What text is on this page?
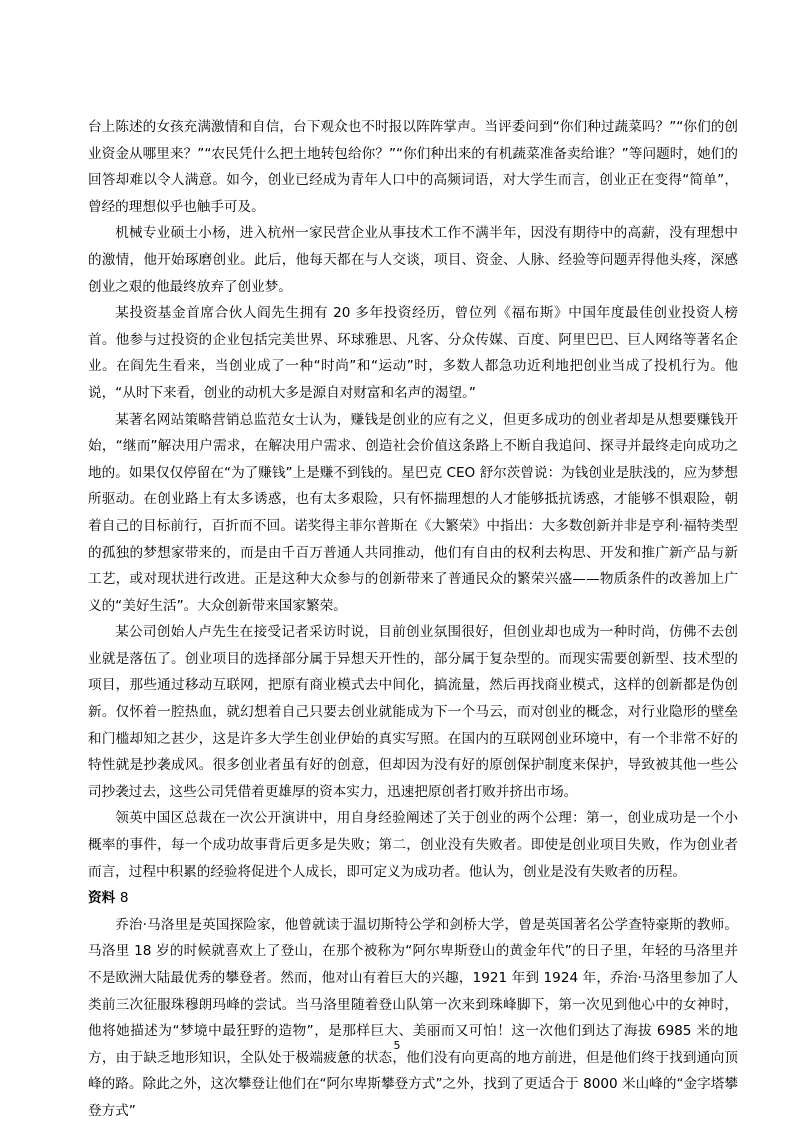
台上陈述的女孩充满激情和自信，台下观众也不时报以阵阵掌声。当评委问到“你们种过蔬菜吗？”“你们的创业资金从哪里来？”“农民凭什么把土地转包给你？”“你们种出来的有机蔬菜准备卖给谁？”等问题时，她们的回答却难以令人满意。如今，创业已经成为青年人口中的高频词语，对大学生而言，创业正在变得“简单”，曾经的理想似乎也触手可及。

机械专业硕士小杨，进入杭州一家民营企业从事技术工作不满半年，因没有期待中的高薪，没有理想中的激情，他开始琢磨创业。此后，他每天都在与人交谈，项目、资金、人脉、经验等问题弄得他头疼，深感创业之艰的他最终放弃了创业梦。

某投资基金首席合伙人阎先生拥有 20 多年投资经历，曾位列《福布斯》中国年度最佳创业投资人榜首。他参与过投资的企业包括完美世界、环球雅思、凡客、分众传媒、百度、阿里巴巴、巨人网络等著名企业。在阎先生看来，当创业成了一种“时尚”和“运动”时，多数人都急功近利地把创业当成了投机行为。他说，“从时下来看，创业的动机大多是源自对财富和名声的渴望。”

某著名网站策略营销总监范女士认为，赚钱是创业的应有之义，但更多成功的创业者却是从想要赚钱开始，“继而”解决用户需求，在解决用户需求、创造社会价值这条路上不断自我追问、探寻并最终走向成功之地的。如果仅仅停留在“为了赚钱”上是赚不到钱的。星巴克 CEO 舒尔茨曾说：为钱创业是肤浅的，应为梦想所驱动。在创业路上有太多诱惑，也有太多艰险，只有怀揣理想的人才能够抵抗诱惑，才能够不惧艰险，朝着自己的目标前行，百折而不回。诺奖得主菲尔普斯在《大繁荣》中指出：大多数创新并非是亨利·福特类型的孤独的梦想家带来的，而是由千百万普通人共同推动，他们有自由的权利去构思、开发和推广新产品与新工艺，或对现状进行改进。正是这种大众参与的创新带来了普通民众的繁荣兴盛——物质条件的改善加上广义的“美好生活”。大众创新带来国家繁荣。

某公司创始人卢先生在接受记者采访时说，目前创业氛围很好，但创业却也成为一种时尚，仿佛不去创业就是落伍了。创业项目的选择部分属于异想天开性的，部分属于复杂型的。而现实需要创新型、技术型的项目，那些通过移动互联网，把原有商业模式去中间化，搞流量，然后再找商业模式，这样的创新都是伪创新。仅怀着一腔热血，就幻想着自己只要去创业就能成为下一个马云，而对创业的概念，对行业隐形的壁垒和门槛却知之甚少，这是许多大学生创业伊始的真实写照。在国内的互联网创业环境中，有一个非常不好的特性就是抄袭成风。很多创业者虽有好的创意，但却因为没有好的原创保护制度来保护，导致被其他一些公司抄袭过去，这些公司凭借着更雄厚的资本实力，迅速把原创者打败并挤出市场。

领英中国区总裁在一次公开演讲中，用自身经验阐述了关于创业的两个公理：第一，创业成功是一个小概率的事件，每一个成功故事背后更多是失败；第二，创业没有失败者。即使是创业项目失败，作为创业者而言，过程中积累的经验将促进个人成长，即可定义为成功者。他认为，创业是没有失败者的历程。

资料 8

乔治·马洛里是英国探险家，他曾就读于温切斯特公学和剑桥大学，曾是英国著名公学查特豪斯的教师。马洛里 18 岁的时候就喜欢上了登山，在那个被称为“阿尔卑斯登山的黄金年代”的日子里，年轻的马洛里并不是欧洲大陆最优秀的攀登者。然而，他对山有着巨大的兴趣，1921 年到 1924 年，乔治·马洛里参加了人类前三次征服珠穆朗玛峰的尝试。当马洛里随着登山队第一次来到珠峰脚下，第一次见到他心中的女神时，他将她描述为“梦境中最狂野的造物”，是那样巨大、美丽而又可怕！这一次他们到达了海拔 6985 米的地方，由于缺乏地形知识，全队处于极端疲惫的状态，他们没有向更高的地方前进，但是他们终于找到通向顶峰的路。除此之外，这次攀登让他们在“阿尔卑斯攀登方式”之外，找到了更适合于 8000 米山峰的“金字塔攀登方式”

5
